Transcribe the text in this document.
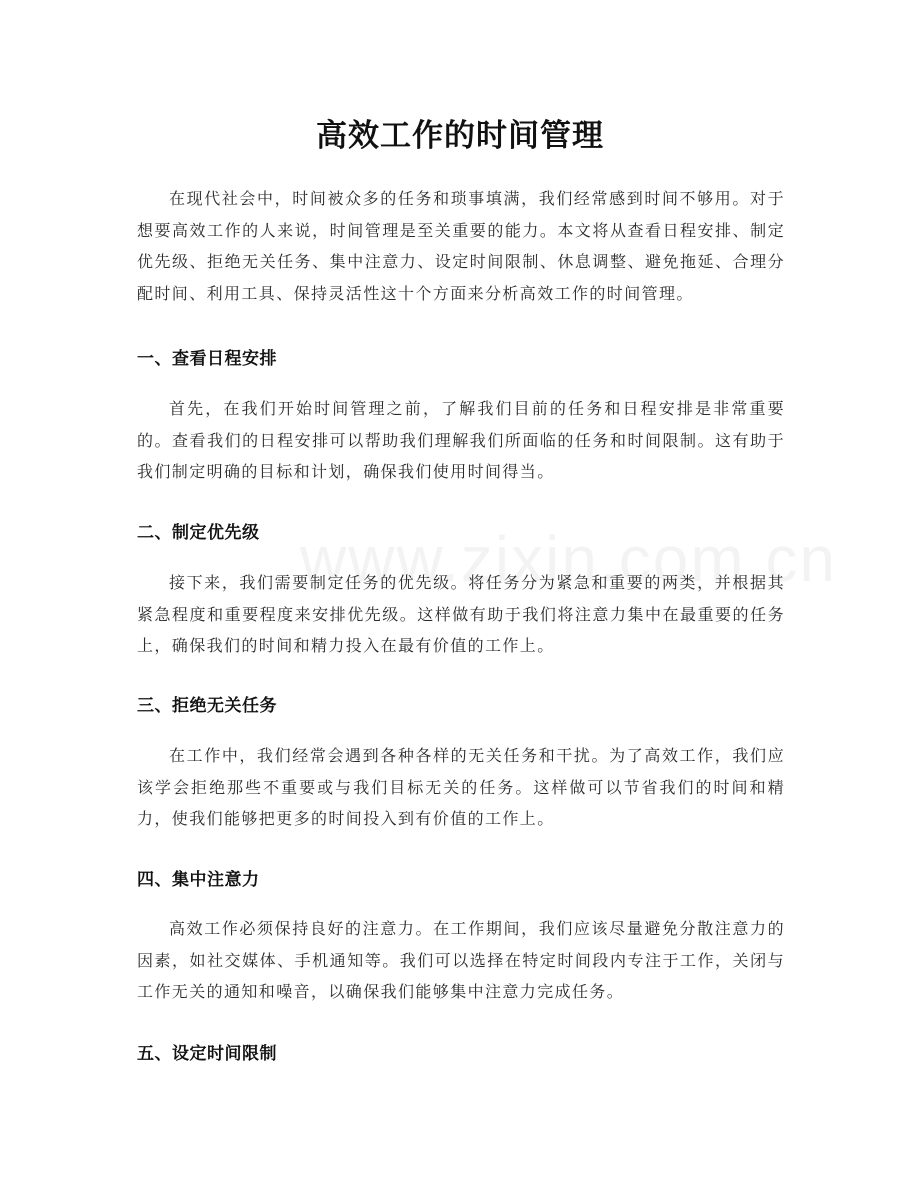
高效工作的时间管理

在现代社会中，时间被众多的任务和琐事填满，我们经常感到时间不够用。对于想要高效工作的人来说，时间管理是至关重要的能力。本文将从查看日程安排、制定优先级、拒绝无关任务、集中注意力、设定时间限制、休息调整、避免拖延、合理分配时间、利用工具、保持灵活性这十个方面来分析高效工作的时间管理。

一、查看日程安排

首先，在我们开始时间管理之前，了解我们目前的任务和日程安排是非常重要的。查看我们的日程安排可以帮助我们理解我们所面临的任务和时间限制。这有助于我们制定明确的目标和计划，确保我们使用时间得当。

二、制定优先级

接下来，我们需要制定任务的优先级。将任务分为紧急和重要的两类，并根据其紧急程度和重要程度来安排优先级。这样做有助于我们将注意力集中在最重要的任务上，确保我们的时间和精力投入在最有价值的工作上。

三、拒绝无关任务

在工作中，我们经常会遇到各种各样的无关任务和干扰。为了高效工作，我们应该学会拒绝那些不重要或与我们目标无关的任务。这样做可以节省我们的时间和精力，使我们能够把更多的时间投入到有价值的工作上。

四、集中注意力

高效工作必须保持良好的注意力。在工作期间，我们应该尽量避免分散注意力的因素，如社交媒体、手机通知等。我们可以选择在特定时间段内专注于工作，关闭与工作无关的通知和噪音，以确保我们能够集中注意力完成任务。

五、设定时间限制
